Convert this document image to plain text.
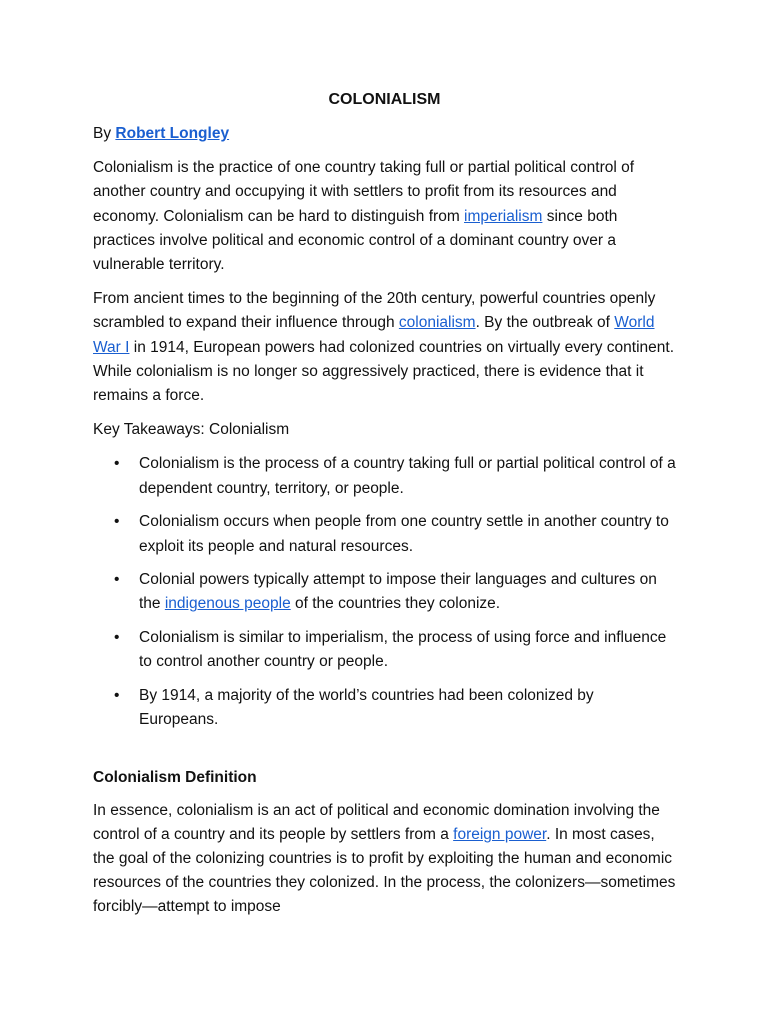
COLONIALISM

By Robert Longley

Colonialism is the practice of one country taking full or partial political control of another country and occupying it with settlers to profit from its resources and economy. Colonialism can be hard to distinguish from imperialism since both practices involve political and economic control of a dominant country over a vulnerable territory.

From ancient times to the beginning of the 20th century, powerful countries openly scrambled to expand their influence through colonialism. By the outbreak of World War I in 1914, European powers had colonized countries on virtually every continent. While colonialism is no longer so aggressively practiced, there is evidence that it remains a force.

Key Takeaways: Colonialism

• Colonialism is the process of a country taking full or partial political control of a dependent country, territory, or people.
• Colonialism occurs when people from one country settle in another country to exploit its people and natural resources.
• Colonial powers typically attempt to impose their languages and cultures on the indigenous people of the countries they colonize.
• Colonialism is similar to imperialism, the process of using force and influence to control another country or people.
• By 1914, a majority of the world’s countries had been colonized by Europeans.

Colonialism Definition

In essence, colonialism is an act of political and economic domination involving the control of a country and its people by settlers from a foreign power. In most cases, the goal of the colonizing countries is to profit by exploiting the human and economic resources of the countries they colonized. In the process, the colonizers—sometimes forcibly—attempt to impose
